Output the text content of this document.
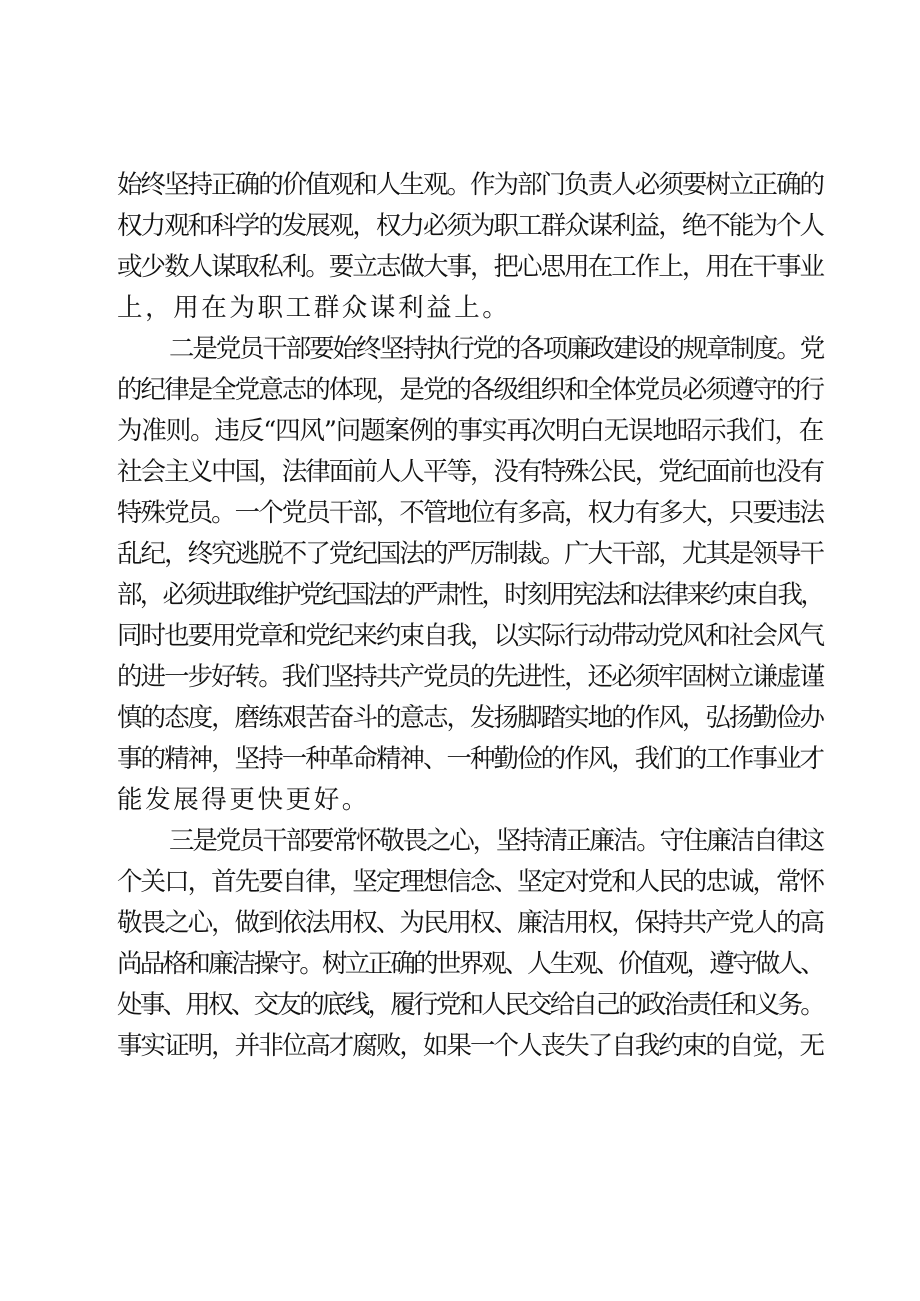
始终坚持正确的价值观和人生观。作为部门负责人必须要树立正确的
权力观和科学的发展观，权力必须为职工群众谋利益，绝不能为个人
或少数人谋取私利。要立志做大事，把心思用在工作上，用在干事业
上，用在为职工群众谋利益上。
二是党员干部要始终坚持执行党的各项廉政建设的规章制度。党
的纪律是全党意志的体现，是党的各级组织和全体党员必须遵守的行
为准则。违反“四风”问题案例的事实再次明白无误地昭示我们，在
社会主义中国，法律面前人人平等，没有特殊公民，党纪面前也没有
特殊党员。一个党员干部，不管地位有多高，权力有多大，只要违法
乱纪，终究逃脱不了党纪国法的严厉制裁。广大干部，尤其是领导干
部，必须进取维护党纪国法的严肃性，时刻用宪法和法律来约束自我，
同时也要用党章和党纪来约束自我，以实际行动带动党风和社会风气
的进一步好转。我们坚持共产党员的先进性，还必须牢固树立谦虚谨
慎的态度，磨练艰苦奋斗的意志，发扬脚踏实地的作风，弘扬勤俭办
事的精神，坚持一种革命精神、一种勤俭的作风，我们的工作事业才
能发展得更快更好。
三是党员干部要常怀敬畏之心，坚持清正廉洁。守住廉洁自律这
个关口，首先要自律，坚定理想信念、坚定对党和人民的忠诚，常怀
敬畏之心，做到依法用权、为民用权、廉洁用权，保持共产党人的高
尚品格和廉洁操守。树立正确的世界观、人生观、价值观，遵守做人、
处事、用权、交友的底线，履行党和人民交给自己的政治责任和义务。
事实证明，并非位高才腐败，如果一个人丧失了自我约束的自觉，无
